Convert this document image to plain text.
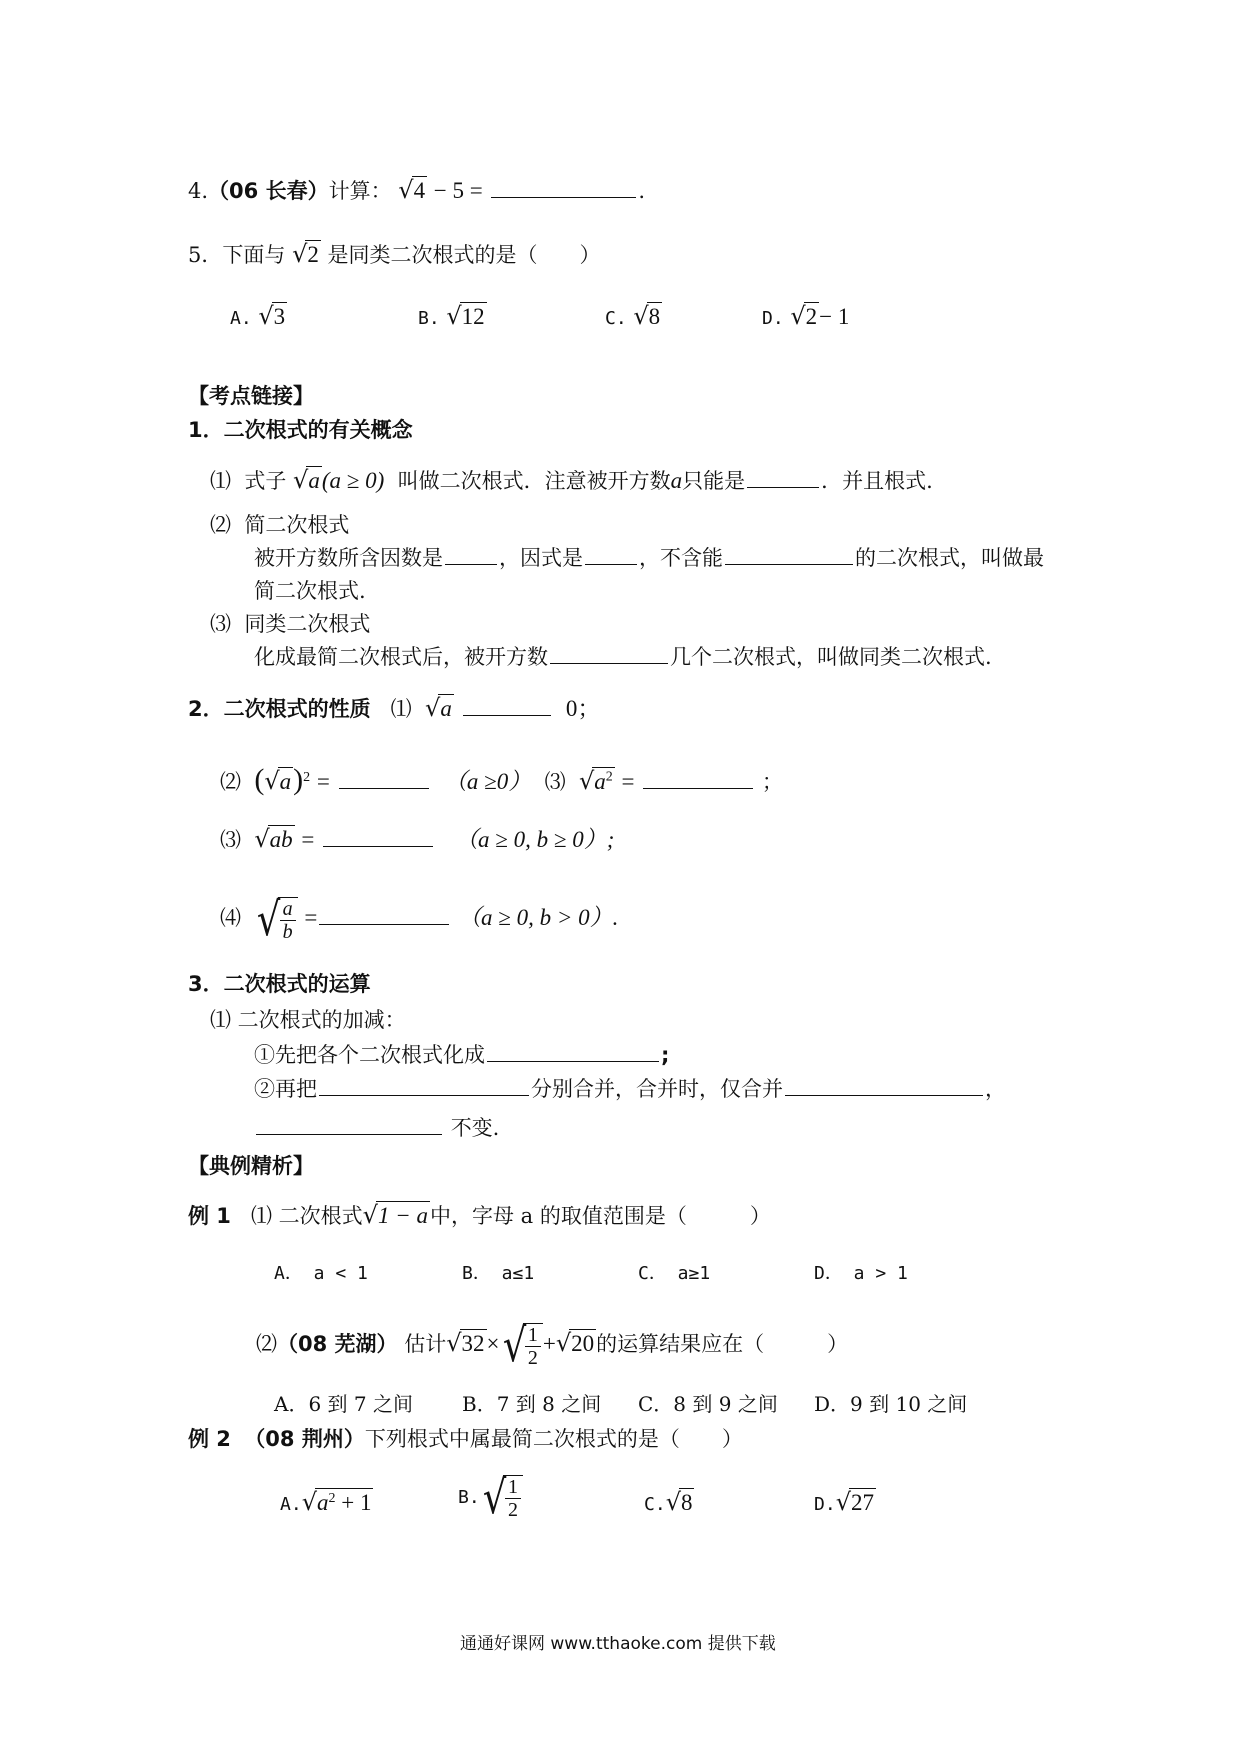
4.（06 长春）计算： √4 − 5 =	.
5．下面与 √2 是同类二次根式的是（　　）
A. √3	B. √12	C. √8	D. √2− 1
【考点链接】
1．二次根式的有关概念
⑴ 式子 √a(a ≥ 0) 叫做二次根式．注意被开方数a只能是	．并且根式.
⑵ 简二次根式
被开方数所含因数是	，因式是	，不含能	的二次根式，叫做最
简二次根式.
⑶ 同类二次根式
化成最简二次根式后，被开方数	几个二次根式，叫做同类二次根式.
2．二次根式的性质 ⑴ √a	0；
⑵ $(√a)^2$ =	（a ≥0） ⑶ $√a^2$ =	；
⑶ √ab =	（a ≥ 0, b ≥ 0）;
⑷ √
$\frac{a}{b}$ =	（a ≥ 0, b > 0）.
3．二次根式的运算
⑴ 二次根式的加减：
①先把各个二次根式化成	;
②再把	分别合并，合并时，仅合并	，
不变.
【典例精析】
例 1 ⑴ 二次根式√1 − a中，字母 a 的取值范围是（　　　）
A． a < 1	B． a≤1	C． a≥1	D． a > 1
⑵（08 芜湖） 估计√32×√
$\frac{1}{2} +√20$的运算结果应在（　　　）
A．6 到 7 之间 B．7 到 8 之间 C．8 到 9 之间 D．9 到 10 之间
例 2 （08 荆州）下列根式中属最简二次根式的是（　　）
$A.√a^2 + 1$	B.√
$\frac{1}{2}$	C.√8	D.√27
通通好课网 www.tthaoke.com 提供下载
